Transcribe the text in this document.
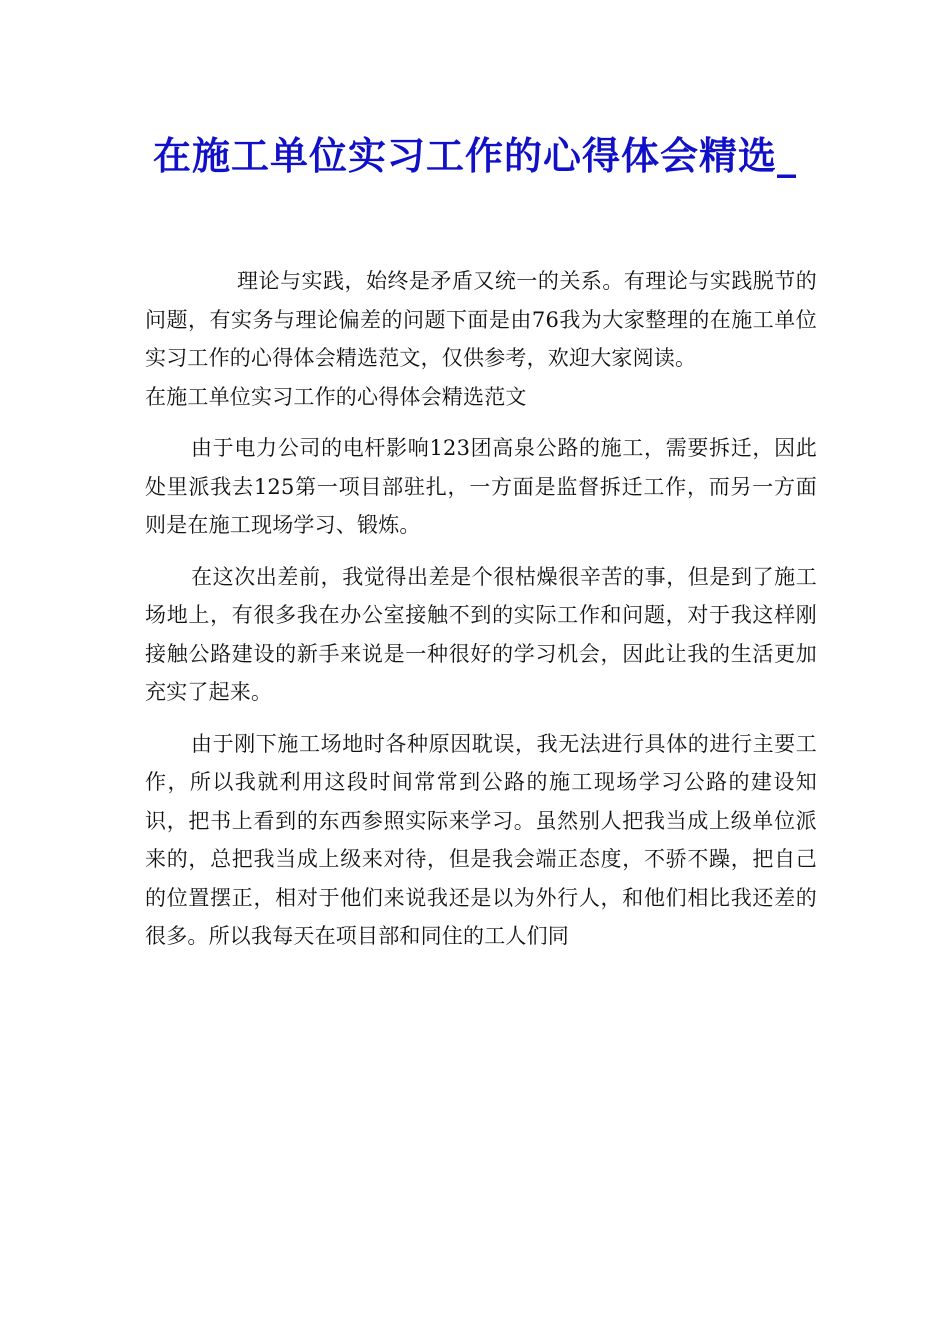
在施工单位实习工作的心得体会精选_

理论与实践，始终是矛盾又统一的关系。有理论与实践脱节的问题，有实务与理论偏差的问题下面是由76我为大家整理的在施工单位实习工作的心得体会精选范文，仅供参考，欢迎大家阅读。

在施工单位实习工作的心得体会精选范文

由于电力公司的电杆影响123团高泉公路的施工，需要拆迁，因此处里派我去125第一项目部驻扎，一方面是监督拆迁工作，而另一方面则是在施工现场学习、锻炼。

在这次出差前，我觉得出差是个很枯燥很辛苦的事，但是到了施工场地上，有很多我在办公室接触不到的实际工作和问题，对于我这样刚接触公路建设的新手来说是一种很好的学习机会，因此让我的生活更加充实了起来。

由于刚下施工场地时各种原因耽误，我无法进行具体的进行主要工作，所以我就利用这段时间常常到公路的施工现场学习公路的建设知识，把书上看到的东西参照实际来学习。虽然别人把我当成上级单位派来的，总把我当成上级来对待，但是我会端正态度，不骄不躁，把自己的位置摆正，相对于他们来说我还是以为外行人，和他们相比我还差的很多。所以我每天在项目部和同住的工人们同
